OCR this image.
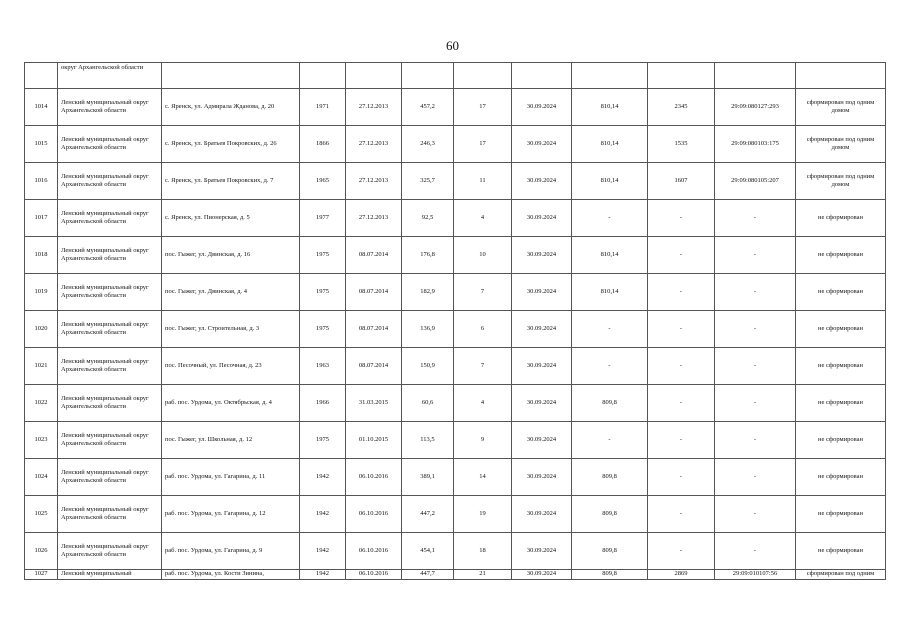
60
	округ Архангельской области										
1014	Ленский муниципальный округ Архангельской области	с. Яренск, ул. Адмирала Жданова, д. 20	1971	27.12.2013	457,2	17	30.09.2024	810,14	2345	29:09:080127:293	сформирован под одним домом
1015	Ленский муниципальный округ Архангельской области	с. Яренск, ул. Братьев Покровских, д. 26	1866	27.12.2013	246,3	17	30.09.2024	810,14	1535	29:09:080103:175	сформирован под одним домом
1016	Ленский муниципальный округ Архангельской области	с. Яренск, ул. Братьев Покровских, д. 7	1965	27.12.2013	325,7	11	30.09.2024	810,14	1607	29:09:080105:207	сформирован под одним домом
1017	Ленский муниципальный округ Архангельской области	с. Яренск, ул. Пионерская, д. 5	1977	27.12.2013	92,5	4	30.09.2024	-	-	-	не сформирован
1018	Ленский муниципальный округ Архангельской области	пос. Гыжег, ул. Двинская, д. 16	1975	08.07.2014	176,8	10	30.09.2024	810,14	-	-	не сформирован
1019	Ленский муниципальный округ Архангельской области	пос. Гыжег, ул. Двинская, д. 4	1975	08.07.2014	182,9	7	30.09.2024	810,14	-	-	не сформирован
1020	Ленский муниципальный округ Архангельской области	пос. Гыжег, ул. Строительная, д. 3	1975	08.07.2014	136,9	6	30.09.2024	-	-	-	не сформирован
1021	Ленский муниципальный округ Архангельской области	пос. Песочный, ул. Песочная, д. 23	1963	08.07.2014	150,9	7	30.09.2024	-	-	-	не сформирован
1022	Ленский муниципальный округ Архангельской области	раб. пос. Урдома, ул. Октябрьская, д. 4	1966	31.03.2015	60,6	4	30.09.2024	809,8	-	-	не сформирован
1023	Ленский муниципальный округ Архангельской области	пос. Гыжег, ул. Школьная, д. 12	1975	01.10.2015	113,5	9	30.09.2024	-	-	-	не сформирован
1024	Ленский муниципальный округ Архангельской области	раб. пос. Урдома, ул. Гагарина, д. 11	1942	06.10.2016	389,1	14	30.09.2024	809,8	-	-	не сформирован
1025	Ленский муниципальный округ Архангельской области	раб. пос. Урдома, ул. Гагарина, д. 12	1942	06.10.2016	447,2	19	30.09.2024	809,8	-	-	не сформирован
1026	Ленский муниципальный округ Архангельской области	раб. пос. Урдома, ул. Гагарина, д. 9	1942	06.10.2016	454,1	18	30.09.2024	809,8	-	-	не сформирован
1027	Ленский муниципальный	раб. пос. Урдома, ул. Кости Зинина,	1942	06.10.2016	447,7	21	30.09.2024	809,8	2869	29:09:010107:56	сформирован под одним
